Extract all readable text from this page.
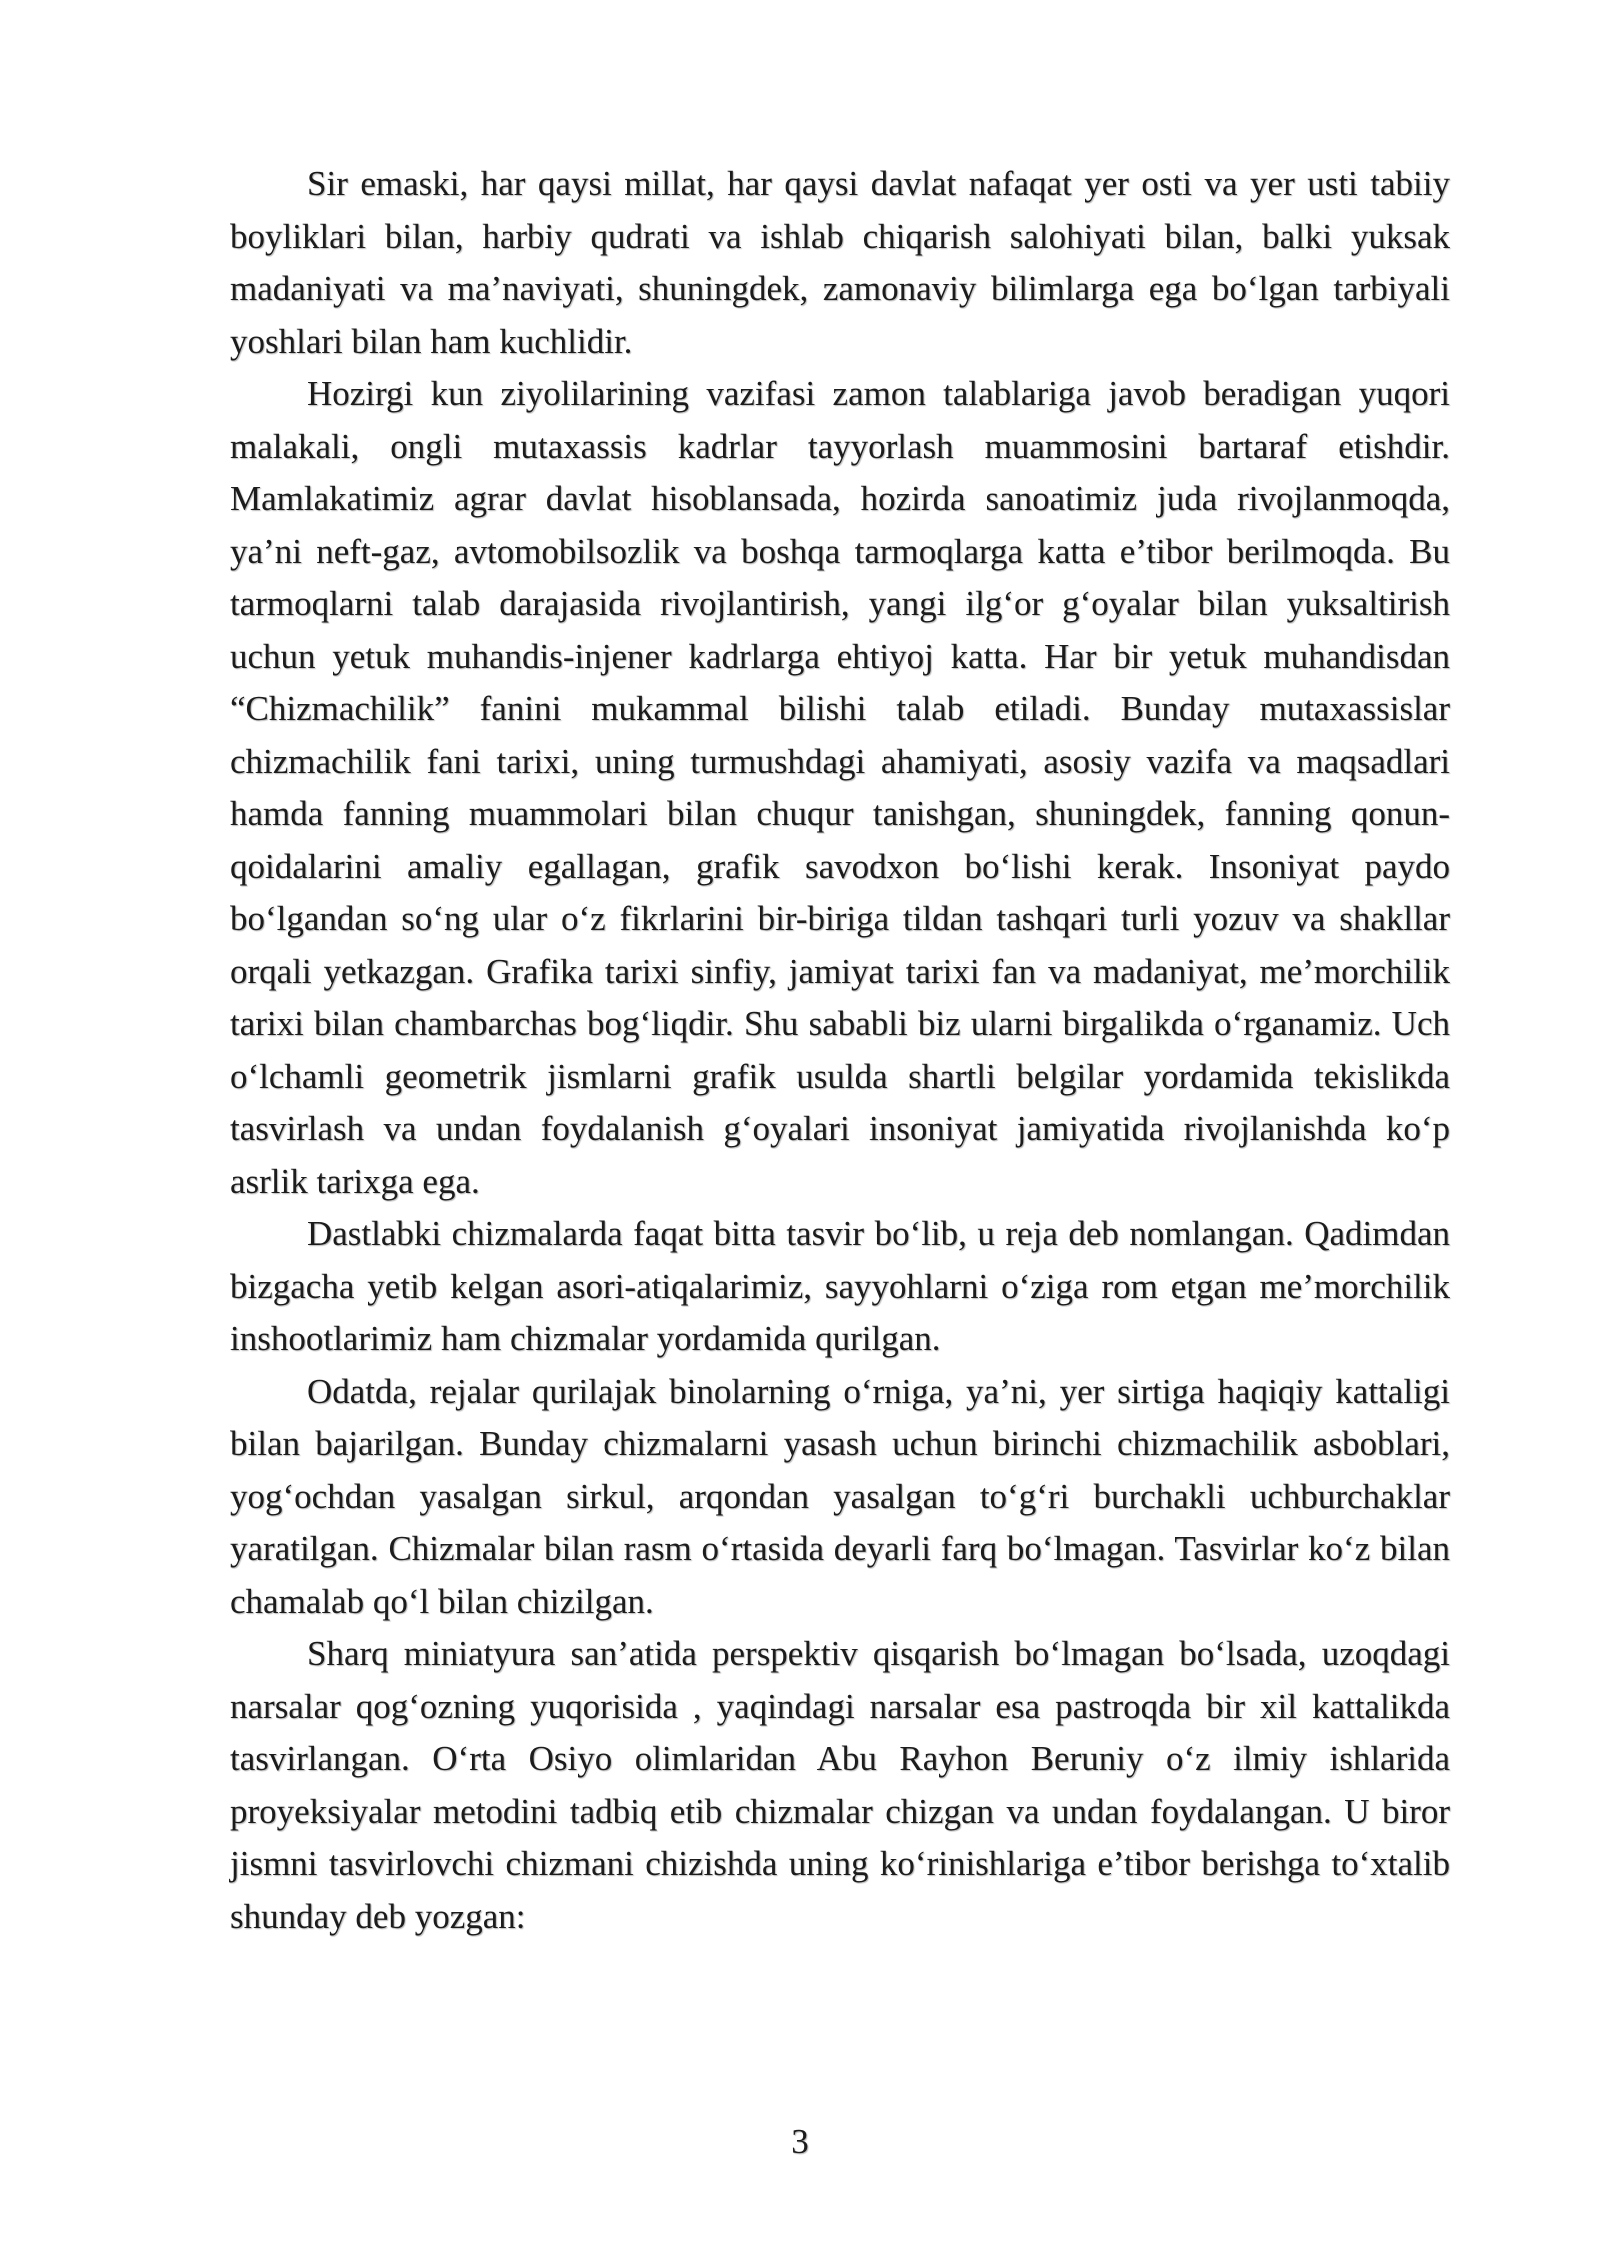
Sir emaski, har qaysi millat, har qaysi davlat nafaqat yer osti va yer usti tabiiy boyliklari bilan, harbiy qudrati va ishlab chiqarish salohiyati bilan, balki yuksak madaniyati va ma’naviyati, shuningdek, zamonaviy bilimlarga ega bo‘lgan tarbiyali yoshlari bilan ham kuchlidir.

Hozirgi kun ziyolilarining vazifasi zamon talablariga javob beradigan yuqori malakali, ongli mutaxassis kadrlar tayyorlash muammosini bartaraf etishdir. Mamlakatimiz agrar davlat hisoblansada, hozirda sanoatimiz juda rivojlanmoqda, ya’ni neft-gaz, avtomobilsozlik va boshqa tarmoqlarga katta e’tibor berilmoqda. Bu tarmoqlarni talab darajasida rivojlantirish, yangi ilg‘or g‘oyalar bilan yuksaltirish uchun yetuk muhandis-injener kadrlarga ehtiyoj katta. Har bir yetuk muhandisdan “Chizmachilik” fanini mukammal bilishi talab etiladi. Bunday mutaxassislar chizmachilik fani tarixi, uning turmushdagi ahamiyati, asosiy vazifa va maqsadlari hamda fanning muammolari bilan chuqur tanishgan, shuningdek, fanning qonun-qoidalarini amaliy egallagan, grafik savodxon bo‘lishi kerak. Insoniyat paydo bo‘lgandan so‘ng ular o‘z fikrlarini bir-biriga tildan tashqari turli yozuv va shakllar orqali yetkazgan. Grafika tarixi sinfiy, jamiyat tarixi fan va madaniyat, me’morchilik tarixi bilan chambarchas bog‘liqdir. Shu sababli biz ularni birgalikda o‘rganamiz. Uch o‘lchamli geometrik jismlarni grafik usulda shartli belgilar yordamida tekislikda tasvirlash va undan foydalanish g‘oyalari insoniyat jamiyatida rivojlanishda ko‘p asrlik tarixga ega.

Dastlabki chizmalarda faqat bitta tasvir bo‘lib, u reja deb nomlangan. Qadimdan bizgacha yetib kelgan asori-atiqalarimiz, sayyohlarni o‘ziga rom etgan me’morchilik inshootlarimiz ham chizmalar yordamida qurilgan.

Odatda, rejalar qurilajak binolarning o‘rniga, ya’ni, yer sirtiga haqiqiy kattaligi bilan bajarilgan. Bunday chizmalarni yasash uchun birinchi chizmachilik asboblari, yog‘ochdan yasalgan sirkul, arqondan yasalgan to‘g‘ri burchakli uchburchaklar yaratilgan. Chizmalar bilan rasm o‘rtasida deyarli farq bo‘lmagan. Tasvirlar ko‘z bilan chamalab qo‘l bilan chizilgan.

Sharq miniatyura san’atida perspektiv qisqarish bo‘lmagan bo‘lsada, uzoqdagi narsalar qog‘ozning yuqorisida , yaqindagi narsalar esa pastroqda bir xil kattalikda tasvirlangan. O‘rta Osiyo olimlaridan Abu Rayhon Beruniy o‘z ilmiy ishlarida proyeksiyalar metodini tadbiq etib chizmalar chizgan va undan foydalangan. U biror jismni tasvirlovchi chizmani chizishda uning ko‘rinishlariga e’tibor berishga to‘xtalib shunday deb yozgan:

3
